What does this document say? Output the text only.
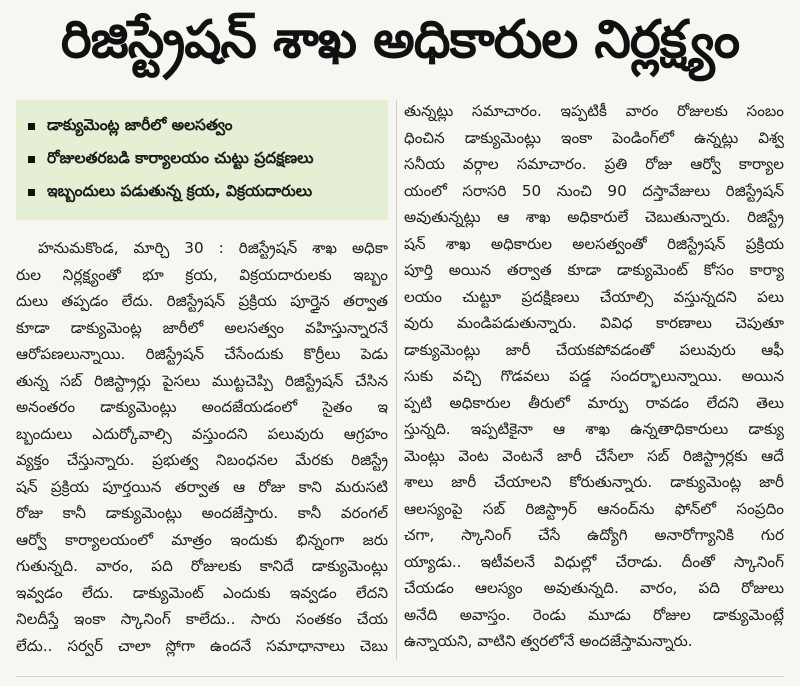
రిజిస్ట్రేషన్ శాఖ అధికారుల నిర్లక్ష్యం
డాక్యుమెంట్ల జారీలో అలసత్వం
రోజులతరబడి కార్యాలయం చుట్టు ప్రదక్షణలు
ఇబ్బందులు పడుతున్న క్రయ, విక్రయదారులు
హనుమకొండ, మార్చి 30 : రిజిస్ట్రేషన్ శాఖ అధికా
రుల నిర్లక్ష్యంతో భూ క్రయ, విక్రయదారులకు ఇబ్బం
దులు తప్పడం లేదు. రిజిస్ట్రేషన్ ప్రక్రియ పూర్తైన తర్వాత
కూడా డాక్యుమెంట్ల జారీలో అలసత్వం వహిస్తున్నారనే
ఆరోపణలున్నాయి. రిజిస్ట్రేషన్ చేసేందుకు కొర్రీలు పెడు
తున్న సబ్ రిజిస్ట్రార్లు పైసలు ముట్టచెప్పి రిజిస్ట్రేషన్ చేసిన
అనంతరం డాక్యుమెంట్లు అందజేయడంలో సైతం ఇ
బ్బందులు ఎదుర్కోవాల్సి వస్తుందని పలువురు ఆగ్రహం
వ్యక్తం చేస్తున్నారు. ప్రభుత్వ నిబంధనల మేరకు రిజిస్ట్రే
షన్ ప్రక్రియ పూర్తయిన తర్వాత ఆ రోజు కాని మరుసటి
రోజు కానీ డాక్యుమెంట్లు అందజేస్తారు. కానీ వరంగల్
ఆర్వో కార్యాలయంలో మాత్రం ఇందుకు భిన్నంగా జరు
గుతున్నది. వారం, పది రోజులకు కానిదే డాక్యుమెంట్లు
ఇవ్వడం లేదు. డాక్యుమెంట్ ఎందుకు ఇవ్వడం లేదని
నిలదీస్తే ఇంకా స్కానింగ్ కాలేదు.. సారు సంతకం చేయ
లేదు.. సర్వర్ చాలా స్లోగా ఉందనే సమాధానాలు చెబు
తున్నట్లు సమాచారం. ఇప్పటికీ వారం రోజులకు సంబం
ధించిన డాక్యుమెంట్లు ఇంకా పెండింగ్‌లో ఉన్నట్లు విశ్వ
సనీయ వర్గాల సమాచారం. ప్రతి రోజు ఆర్వో కార్యాల
యంలో సరాసరి 50 నుంచి 90 దస్తావేజులు రిజిస్ట్రేషన్
అవుతున్నట్లు ఆ శాఖ అధికారులే చెబుతున్నారు. రిజిస్ట్రే
షన్ శాఖ అధికారుల అలసత్వంతో రిజిస్ట్రేషన్ ప్రక్రియ
పూర్తి అయిన తర్వాత కూడా డాక్యుమెంట్ కోసం కార్యా
లయం చుట్టూ ప్రదక్షిణలు చేయాల్సి వస్తున్నదని పలు
వురు మండిపడుతున్నారు. వివిధ కారణాలు చెపుతూ
డాక్యుమెంట్లు జారీ చేయకపోవడంతో పలువురు ఆఫీ
సుకు వచ్చి గొడవలు పడ్డ సందర్భాలున్నాయి. అయిన
ప్పటి అధికారుల తీరులో మార్పు రావడం లేదని తెలు
స్తున్నది. ఇప్పటికైనా ఆ శాఖ ఉన్నతాధికారులు డాక్యు
మెంట్లు వెంట వెంటనే జారీ చేసేలా సబ్ రిజిస్ట్రార్లకు ఆదే
శాలు జారీ చేయాలని కోరుతున్నారు. డాక్యుమెంట్ల జారీ
ఆలస్యంపై సబ్ రిజిస్ట్రార్ ఆనంద్‌ను ఫోన్‌లో సంప్రదిం
చగా, స్కానింగ్ చేసే ఉద్యోగి అనారోగ్యానికి గుర
య్యాడు.. ఇటీవలనే విధుల్లో చేరాడు. దీంతో స్కానింగ్
చేయడం ఆలస్యం అవుతున్నది. వారం, పది రోజులు
అనేది అవాస్తం. రెండు మూడు రోజుల డాక్యుమెంట్లే
ఉన్నాయని, వాటిని త్వరలోనే అందజేస్తామన్నారు.
